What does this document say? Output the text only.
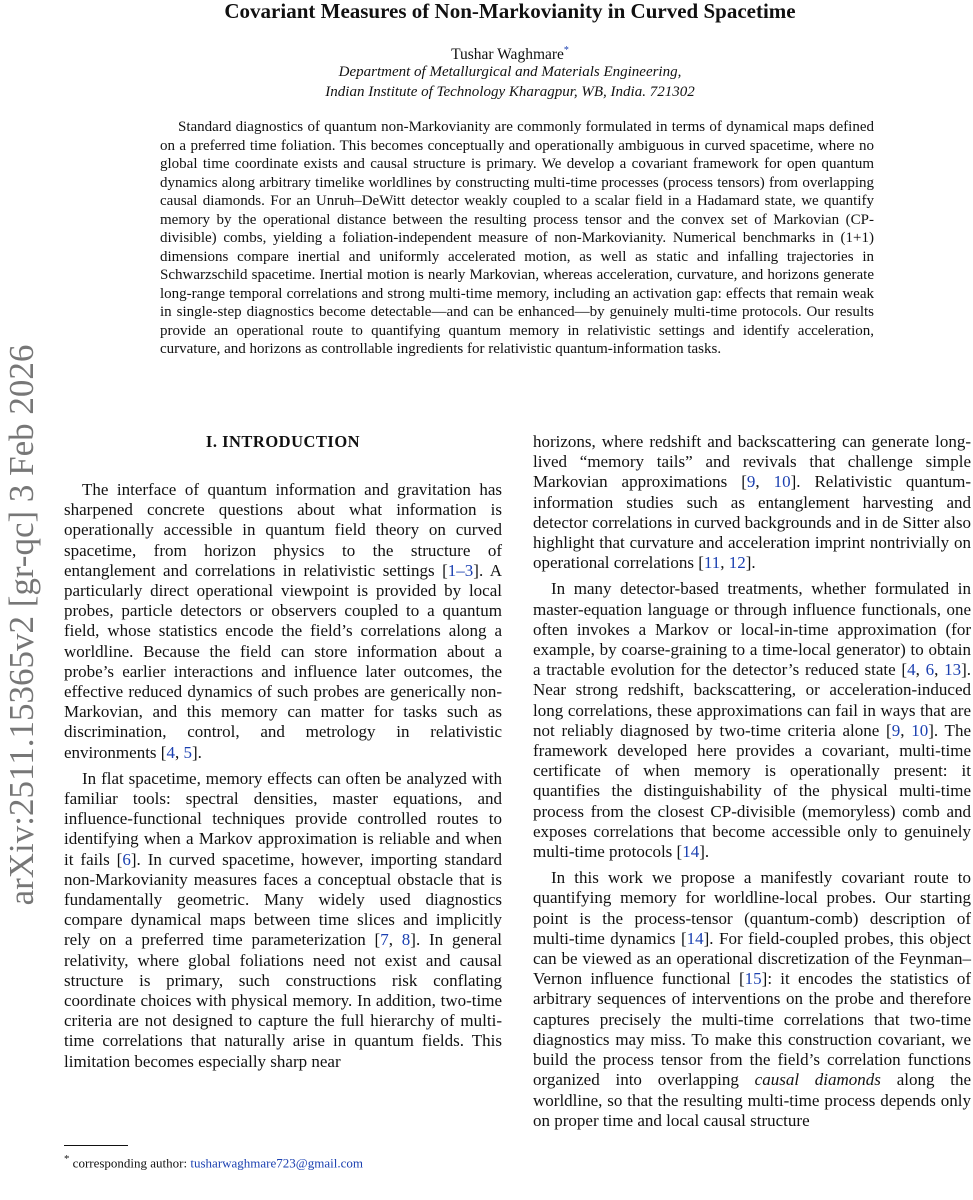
arXiv:2511.15365v2 [gr-qc] 3 Feb 2026
Covariant Measures of Non-Markovianity in Curved Spacetime
Tushar Waghmare*
Department of Metallurgical and Materials Engineering,
Indian Institute of Technology Kharagpur, WB, India. 721302
Standard diagnostics of quantum non-Markovianity are commonly formulated in terms of dynamical maps defined on a preferred time foliation. This becomes conceptually and operationally ambiguous in curved spacetime, where no global time coordinate exists and causal structure is primary. We develop a covariant framework for open quantum dynamics along arbitrary timelike worldlines by constructing multi-time processes (process tensors) from overlapping causal diamonds. For an Unruh–DeWitt detector weakly coupled to a scalar field in a Hadamard state, we quantify memory by the operational distance between the resulting process tensor and the convex set of Markovian (CP-divisible) combs, yielding a foliation-independent measure of non-Markovianity. Numerical benchmarks in (1+1) dimensions compare inertial and uniformly accelerated motion, as well as static and infalling trajectories in Schwarzschild spacetime. Inertial motion is nearly Markovian, whereas acceleration, curvature, and horizons generate long-range temporal correlations and strong multi-time memory, including an activation gap: effects that remain weak in single-step diagnostics become detectable—and can be enhanced—by genuinely multi-time protocols. Our results provide an operational route to quantifying quantum memory in relativistic settings and identify acceleration, curvature, and horizons as controllable ingredients for relativistic quantum-information tasks.
I. INTRODUCTION

The interface of quantum information and gravitation has sharpened concrete questions about what information is operationally accessible in quantum field theory on curved spacetime, from horizon physics to the structure of entanglement and correlations in relativistic settings [1–3]. A particularly direct operational viewpoint is provided by local probes, particle detectors or observers coupled to a quantum field, whose statistics encode the field’s correlations along a worldline. Because the field can store information about a probe’s earlier interactions and influence later outcomes, the effective reduced dynamics of such probes are generically non-Markovian, and this memory can matter for tasks such as discrimination, control, and metrology in relativistic environments [4, 5].

In flat spacetime, memory effects can often be analyzed with familiar tools: spectral densities, master equations, and influence-functional techniques provide controlled routes to identifying when a Markov approximation is reliable and when it fails [6]. In curved spacetime, however, importing standard non-Markovianity measures faces a conceptual obstacle that is fundamentally geometric. Many widely used diagnostics compare dynamical maps between time slices and implicitly rely on a preferred time parameterization [7, 8]. In general relativity, where global foliations need not exist and causal structure is primary, such constructions risk conflating coordinate choices with physical memory. In addition, two-time criteria are not designed to capture the full hierarchy of multi-time correlations that naturally arise in quantum fields. This limitation becomes especially sharp near

horizons, where redshift and backscattering can generate long-lived “memory tails” and revivals that challenge simple Markovian approximations [9, 10]. Relativistic quantum-information studies such as entanglement harvesting and detector correlations in curved backgrounds and in de Sitter also highlight that curvature and acceleration imprint nontrivially on operational correlations [11, 12].

In many detector-based treatments, whether formulated in master-equation language or through influence functionals, one often invokes a Markov or local-in-time approximation (for example, by coarse-graining to a time-local generator) to obtain a tractable evolution for the detector’s reduced state [4, 6, 13]. Near strong redshift, backscattering, or acceleration-induced long correlations, these approximations can fail in ways that are not reliably diagnosed by two-time criteria alone [9, 10]. The framework developed here provides a covariant, multi-time certificate of when memory is operationally present: it quantifies the distinguishability of the physical multi-time process from the closest CP-divisible (memoryless) comb and exposes correlations that become accessible only to genuinely multi-time protocols [14].

In this work we propose a manifestly covariant route to quantifying memory for worldline-local probes. Our starting point is the process-tensor (quantum-comb) description of multi-time dynamics [14]. For field-coupled probes, this object can be viewed as an operational discretization of the Feynman–Vernon influence functional [15]: it encodes the statistics of arbitrary sequences of interventions on the probe and therefore captures precisely the multi-time correlations that two-time diagnostics may miss. To make this construction covariant, we build the process tensor from the field’s correlation functions organized into overlapping causal diamonds along the worldline, so that the resulting multi-time process depends only on proper time and local causal structure

* corresponding author: tusharwaghmare723@gmail.com
